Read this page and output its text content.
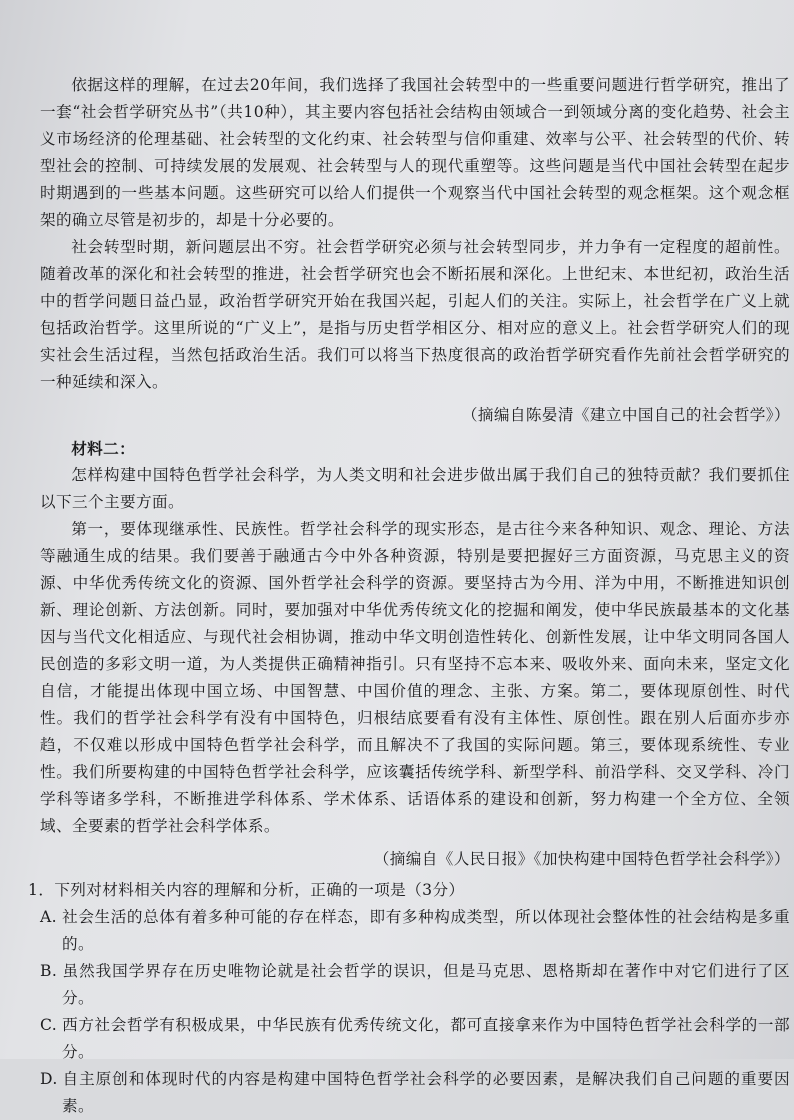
依据这样的理解，在过去20年间，我们选择了我国社会转型中的一些重要问题进行哲学研究，推出了一套“社会哲学研究丛书”（共10种），其主要内容包括社会结构由领域合一到领域分离的变化趋势、社会主义市场经济的伦理基础、社会转型的文化约束、社会转型与信仰重建、效率与公平、社会转型的代价、转型社会的控制、可持续发展的发展观、社会转型与人的现代重塑等。这些问题是当代中国社会转型在起步时期遇到的一些基本问题。这些研究可以给人们提供一个观察当代中国社会转型的观念框架。这个观念框架的确立尽管是初步的，却是十分必要的。

社会转型时期，新问题层出不穷。社会哲学研究必须与社会转型同步，并力争有一定程度的超前性。随着改革的深化和社会转型的推进，社会哲学研究也会不断拓展和深化。上世纪末、本世纪初，政治生活中的哲学问题日益凸显，政治哲学研究开始在我国兴起，引起人们的关注。实际上，社会哲学在广义上就包括政治哲学。这里所说的“广义上”，是指与历史哲学相区分、相对应的意义上。社会哲学研究人们的现实社会生活过程，当然包括政治生活。我们可以将当下热度很高的政治哲学研究看作先前社会哲学研究的一种延续和深入。

（摘编自陈晏清《建立中国自己的社会哲学》）

材料二：

怎样构建中国特色哲学社会科学，为人类文明和社会进步做出属于我们自己的独特贡献？我们要抓住以下三个主要方面。

第一，要体现继承性、民族性。哲学社会科学的现实形态，是古往今来各种知识、观念、理论、方法等融通生成的结果。我们要善于融通古今中外各种资源，特别是要把握好三方面资源，马克思主义的资源、中华优秀传统文化的资源、国外哲学社会科学的资源。要坚持古为今用、洋为中用，不断推进知识创新、理论创新、方法创新。同时，要加强对中华优秀传统文化的挖掘和阐发，使中华民族最基本的文化基因与当代文化相适应、与现代社会相协调，推动中华文明创造性转化、创新性发展，让中华文明同各国人民创造的多彩文明一道，为人类提供正确精神指引。只有坚持不忘本来、吸收外来、面向未来，坚定文化自信，才能提出体现中国立场、中国智慧、中国价值的理念、主张、方案。第二，要体现原创性、时代性。我们的哲学社会科学有没有中国特色，归根结底要看有没有主体性、原创性。跟在别人后面亦步亦趋，不仅难以形成中国特色哲学社会科学，而且解决不了我国的实际问题。第三，要体现系统性、专业性。我们所要构建的中国特色哲学社会科学，应该囊括传统学科、新型学科、前沿学科、交叉学科、冷门学科等诸多学科，不断推进学科体系、学术体系、话语体系的建设和创新，努力构建一个全方位、全领域、全要素的哲学社会科学体系。

（摘编自《人民日报》《加快构建中国特色哲学社会科学》）

1．下列对材料相关内容的理解和分析，正确的一项是（3分）

A. 社会生活的总体有着多种可能的存在样态，即有多种构成类型，所以体现社会整体性的社会结构是多重的。

B. 虽然我国学界存在历史唯物论就是社会哲学的误识，但是马克思、恩格斯却在著作中对它们进行了区分。

C. 西方社会哲学有积极成果，中华民族有优秀传统文化，都可直接拿来作为中国特色哲学社会科学的一部分。

D. 自主原创和体现时代的内容是构建中国特色哲学社会科学的必要因素，是解决我们自己问题的重要因素。
